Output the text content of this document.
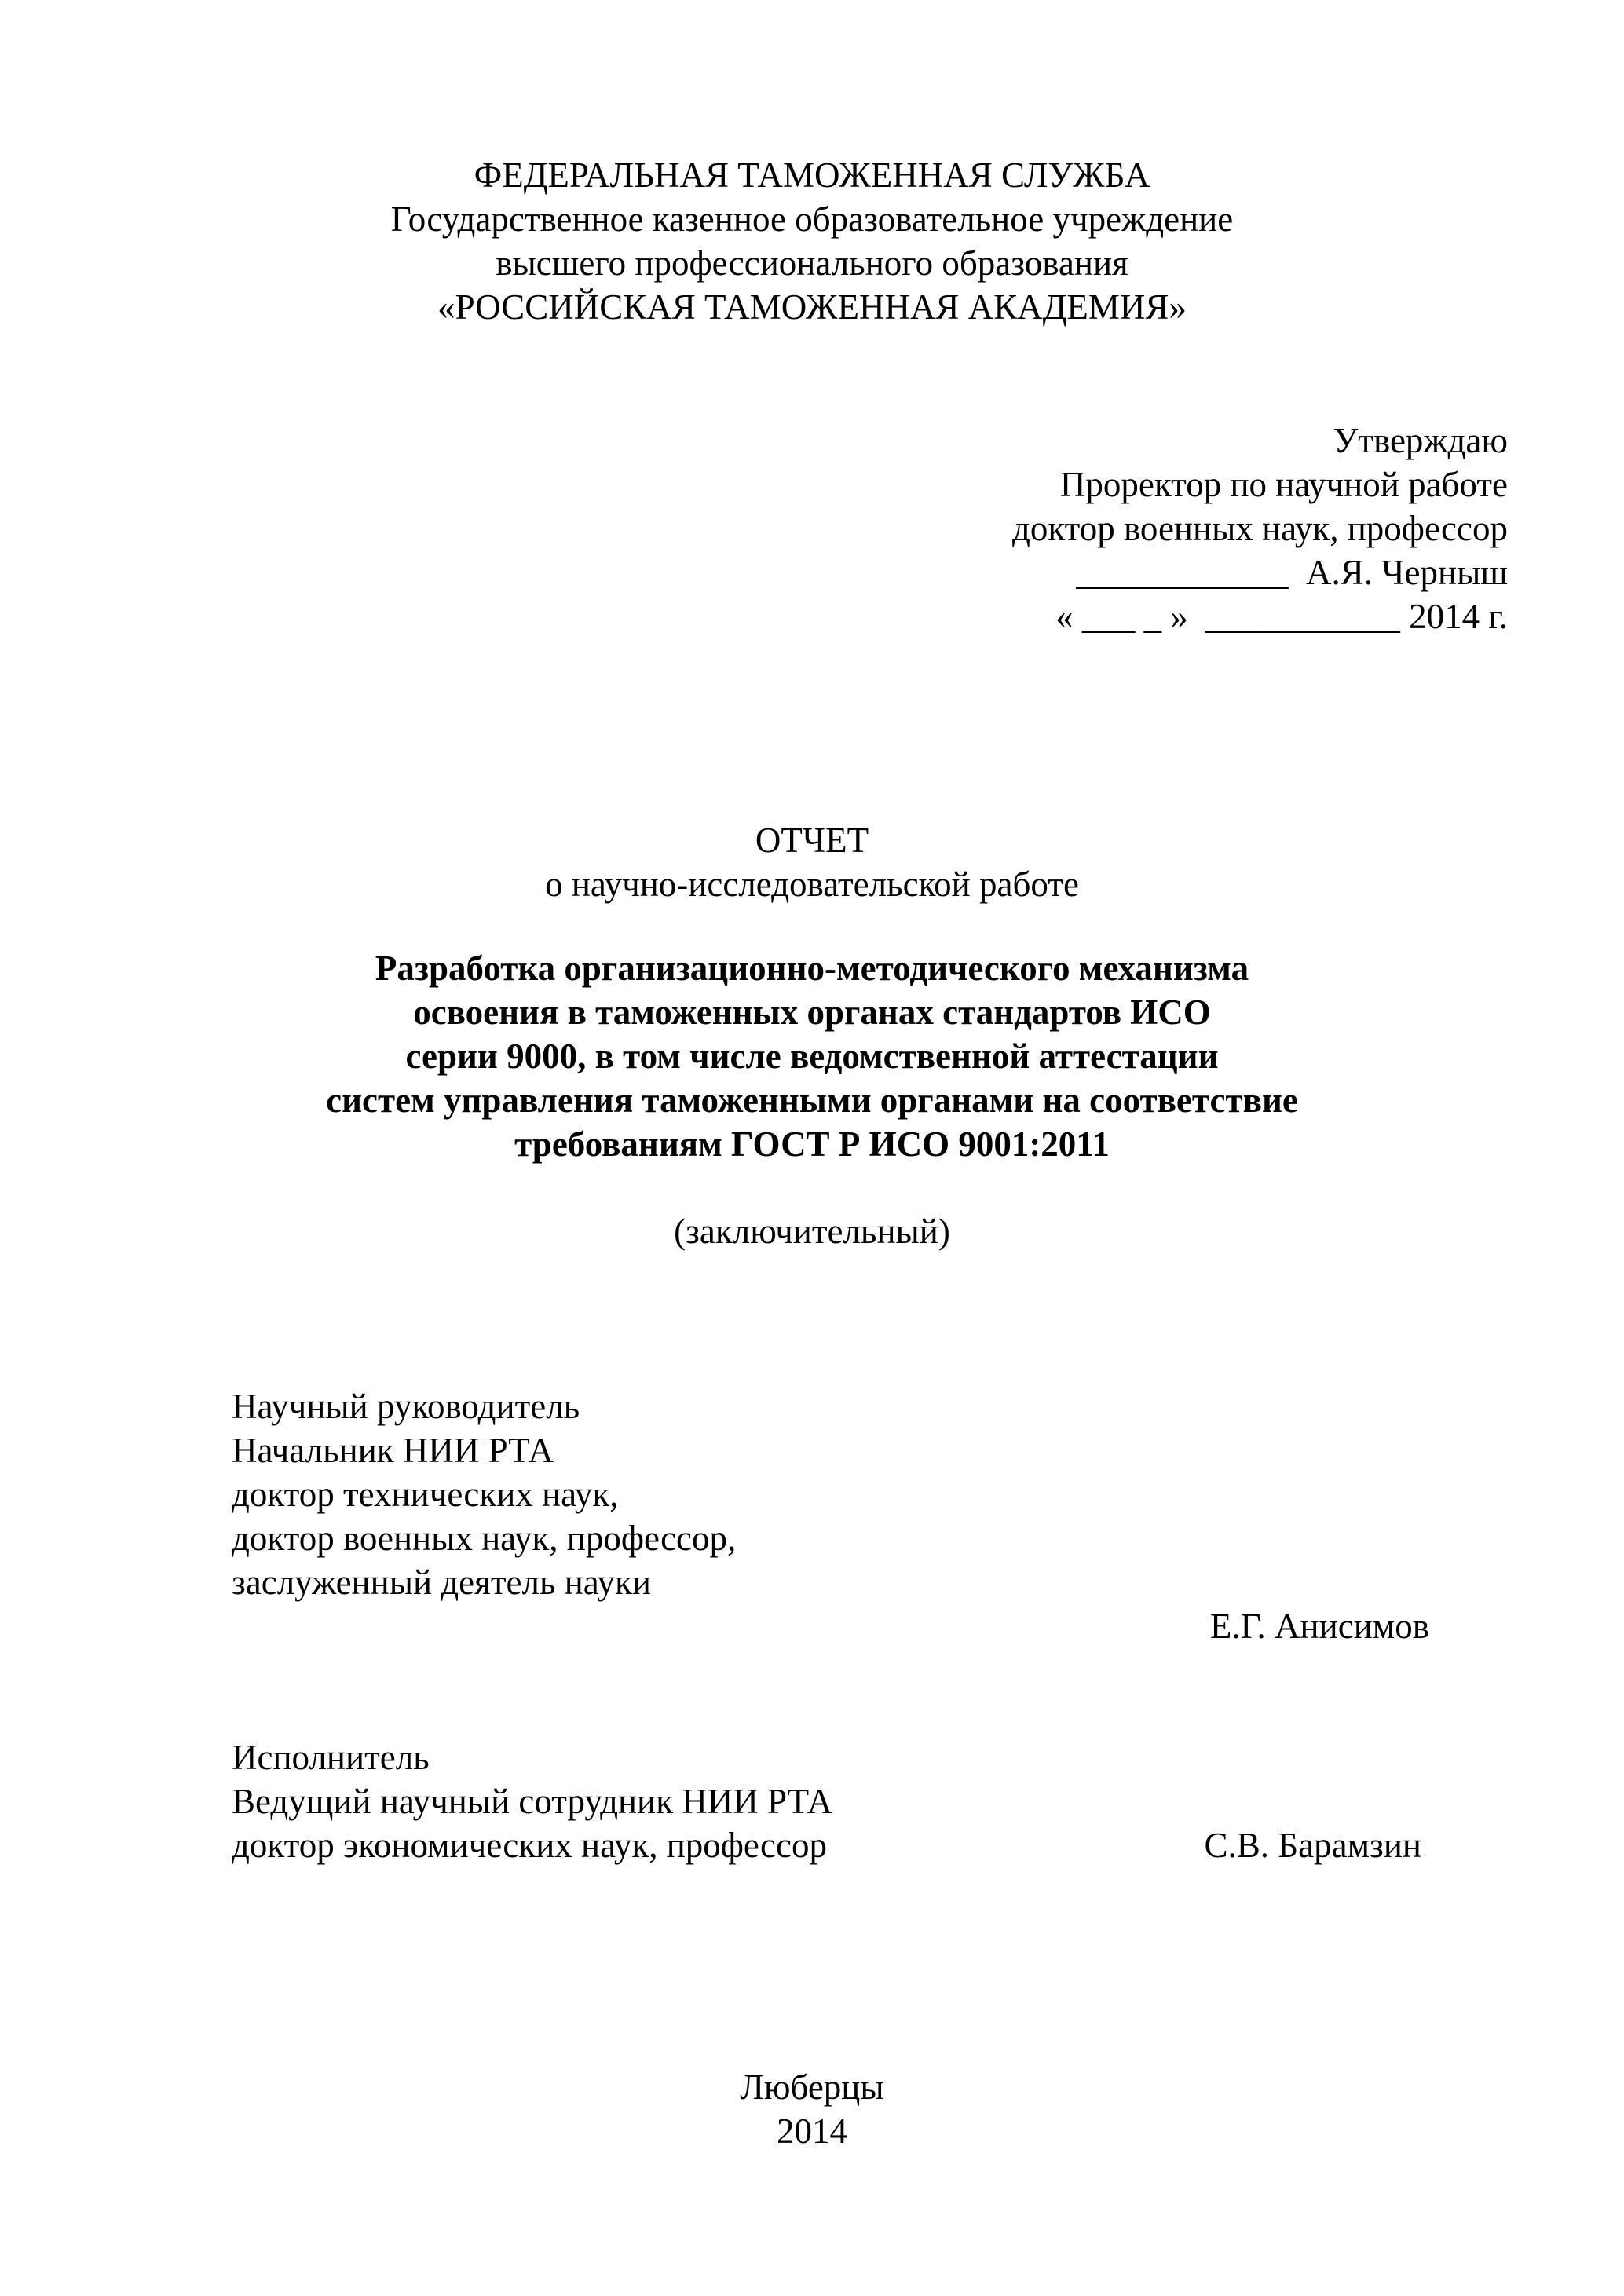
ФЕДЕРАЛЬНАЯ ТАМОЖЕННАЯ СЛУЖБА
Государственное казенное образовательное учреждение
высшего профессионального образования
«РОССИЙСКАЯ ТАМОЖЕННАЯ АКАДЕМИЯ»
Утверждаю
Проректор по научной работе
доктор военных наук, профессор
____________  А.Я. Черныш
« ___ _ »  ___________ 2014 г.
ОТЧЕТ
о научно-исследовательской работе
Разработка организационно-методического механизма
освоения в таможенных органах стандартов ИСО
серии 9000, в том числе ведомственной аттестации
систем управления таможенными органами на соответствие
требованиям ГОСТ Р ИСО 9001:2011
(заключительный)
Научный руководитель
Начальник НИИ РТА
доктор технических наук,
доктор военных наук, профессор,
заслуженный деятель науки
Е.Г. Анисимов
Исполнитель
Ведущий научный сотрудник НИИ РТА
доктор экономических наук, профессор	С.В. Барамзин
Люберцы
2014
